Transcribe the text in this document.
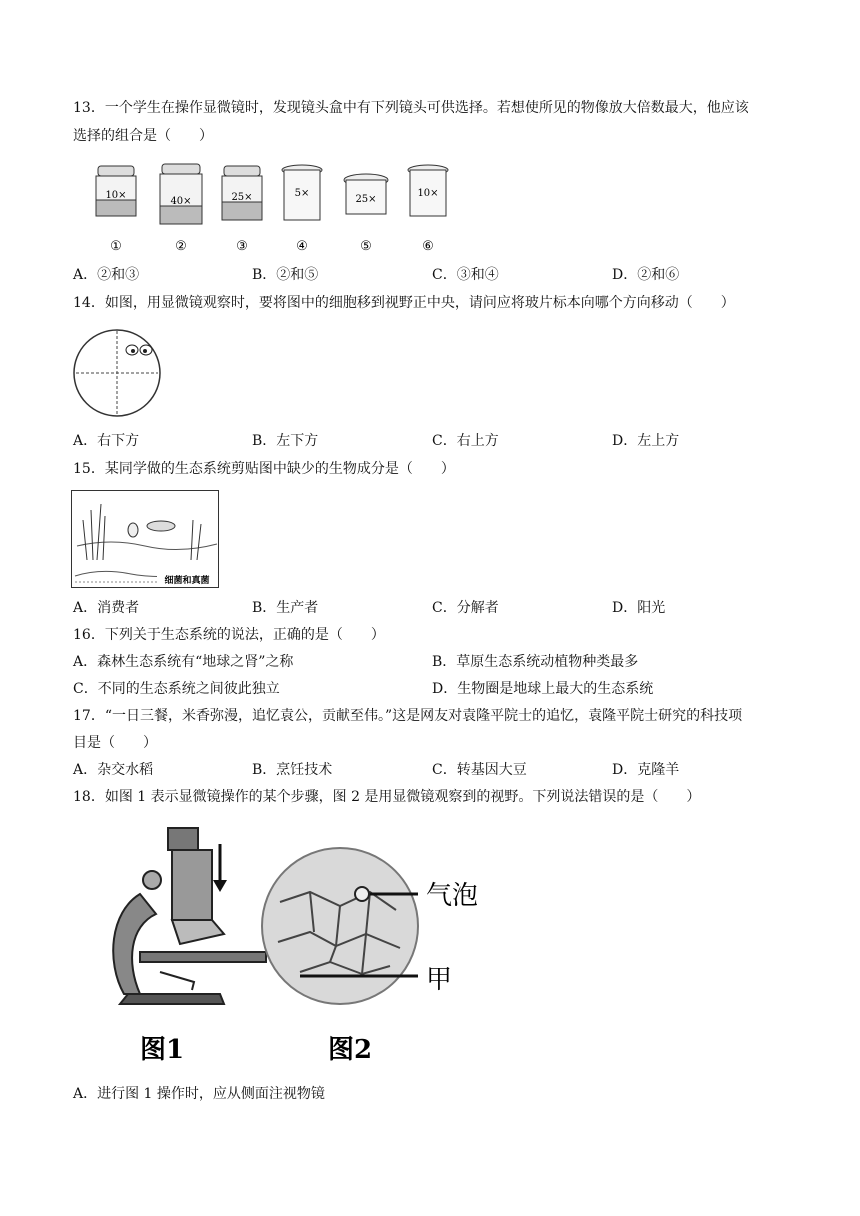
13．一个学生在操作显微镜时，发现镜头盒中有下列镜头可供选择。若想使所见的物像放大倍数最大，他应该
选择的组合是（　　）
10×
40×	25×	5×
25×
10×
①	②	③	④	⑤	⑥
A．②和③	B．②和⑤	C．③和④	D．②和⑥
14．如图，用显微镜观察时，要将图中的细胞移到视野正中央，请问应将玻片标本向哪个方向移动（　　）
A．右下方	B．左下方	C．右上方	D．左上方
15．某同学做的生态系统剪贴图中缺少的生物成分是（　　）
细菌和真菌
A．消费者	B．生产者	C．分解者	D．阳光
16．下列关于生态系统的说法，正确的是（　　）
A．森林生态系统有“地球之肾”之称	B．草原生态系统动植物种类最多
C．不同的生态系统之间彼此独立	D．生物圈是地球上最大的生态系统
17．“一日三餐，米香弥漫，追忆袁公，贡献至伟。”这是网友对袁隆平院士的追忆，袁隆平院士研究的科技项
目是（　　）
A．杂交水稻	B．烹饪技术	C．转基因大豆	D．克隆羊
18．如图 1 表示显微镜操作的某个步骤，图 2 是用显微镜观察到的视野。下列说法错误的是（　　）
气泡
甲
图1	图2
A．进行图 1 操作时，应从侧面注视物镜
